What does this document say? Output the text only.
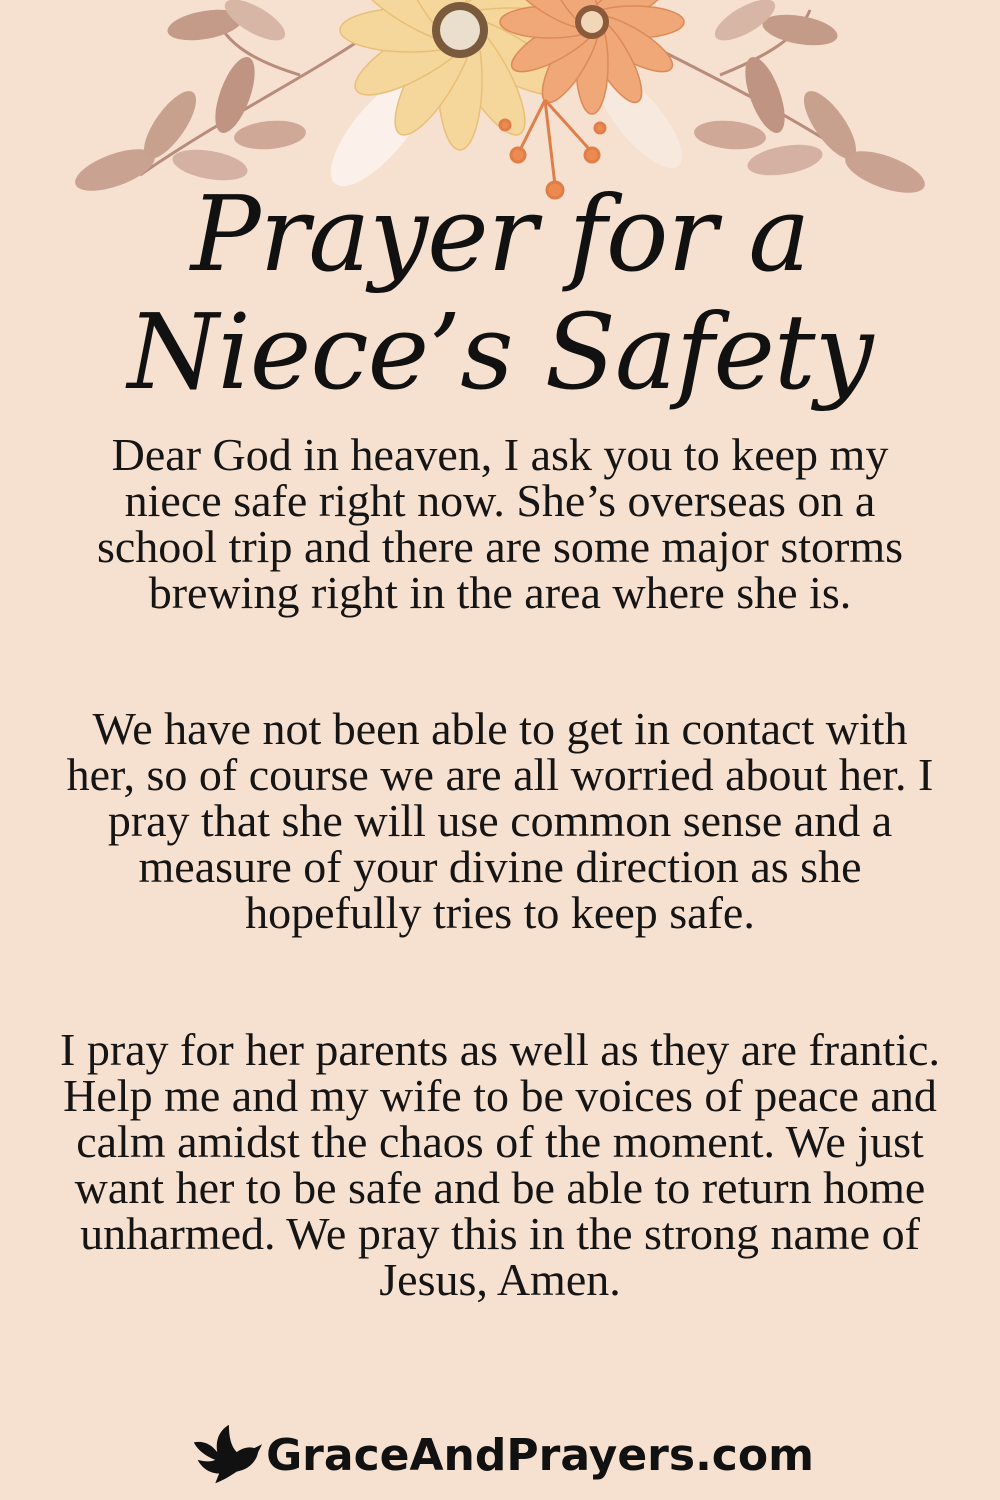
Prayer for a
Niece’s Safety
Dear God in heaven, I ask you to keep my niece safe right now. She’s overseas on a school trip and there are some major storms brewing right in the area where she is.
We have not been able to get in contact with her, so of course we are all worried about her. I pray that she will use common sense and a measure of your divine direction as she hopefully tries to keep safe.
I pray for her parents as well as they are frantic. Help me and my wife to be voices of peace and calm amidst the chaos of the moment. We just want her to be safe and be able to return home unharmed. We pray this in the strong name of Jesus, Amen.
GraceAndPrayers.com
